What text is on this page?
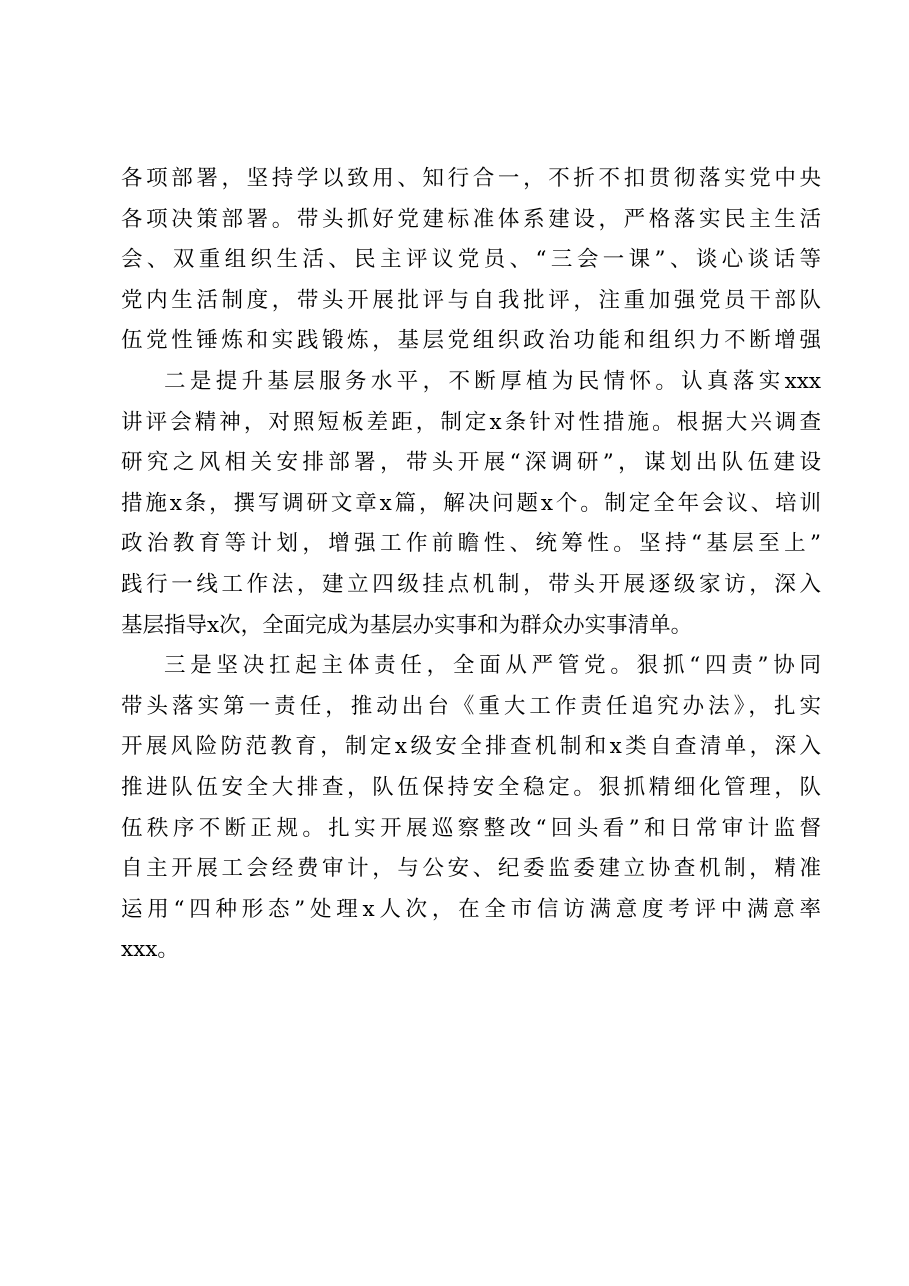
各项部署，坚持学以致用、知行合一，不折不扣贯彻落实党中央
各项决策部署。带头抓好党建标准体系建设，严格落实民主生活
会、双重组织生活、民主评议党员、“三会一课”、谈心谈话等
党内生活制度，带头开展批评与自我批评，注重加强党员干部队
伍党性锤炼和实践锻炼，基层党组织政治功能和组织力不断增强
二是提升基层服务水平，不断厚植为民情怀。认真落实xxx
讲评会精神，对照短板差距，制定x条针对性措施。根据大兴调查
研究之风相关安排部署，带头开展“深调研”，谋划出队伍建设
措施x条，撰写调研文章x篇，解决问题x个。制定全年会议、培训
政治教育等计划，增强工作前瞻性、统筹性。坚持“基层至上”
践行一线工作法，建立四级挂点机制，带头开展逐级家访，深入
基层指导x次，全面完成为基层办实事和为群众办实事清单。
三是坚决扛起主体责任，全面从严管党。狠抓“四责”协同
带头落实第一责任，推动出台《重大工作责任追究办法》，扎实
开展风险防范教育，制定x级安全排查机制和x类自查清单，深入
推进队伍安全大排查，队伍保持安全稳定。狠抓精细化管理，队
伍秩序不断正规。扎实开展巡察整改“回头看”和日常审计监督
自主开展工会经费审计，与公安、纪委监委建立协查机制，精准
运用“四种形态”处理x人次，在全市信访满意度考评中满意率
xxx。
